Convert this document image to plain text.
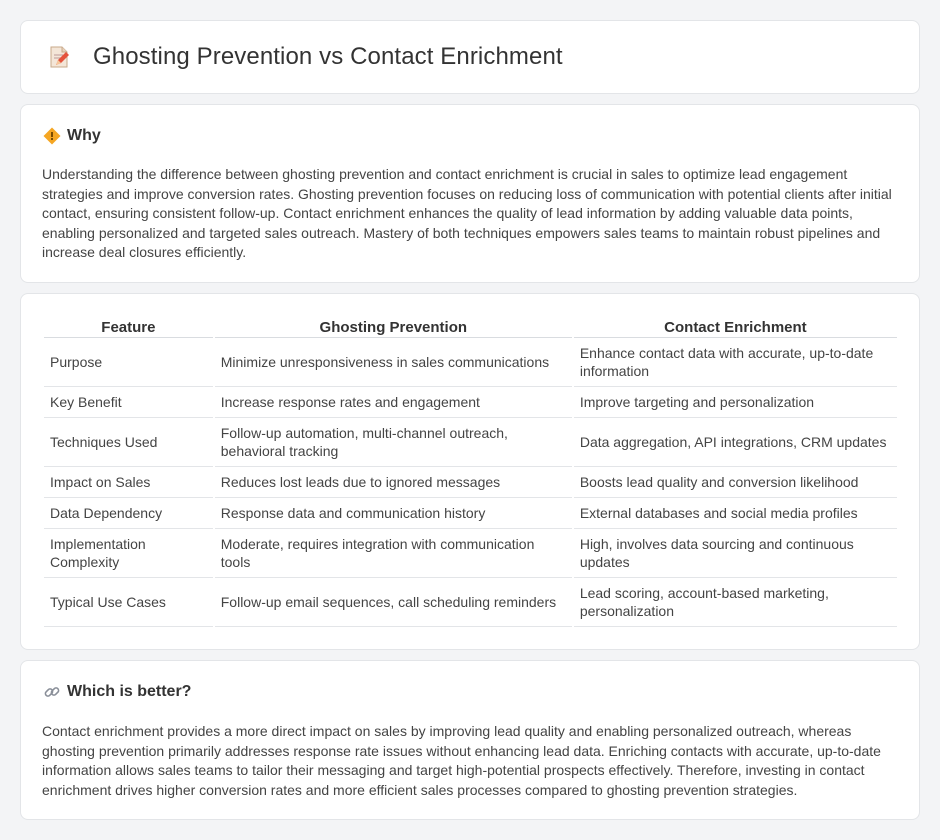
Ghosting Prevention vs Contact Enrichment
Why

Understanding the difference between ghosting prevention and contact enrichment is crucial in sales to optimize lead engagement strategies and improve conversion rates. Ghosting prevention focuses on reducing loss of communication with potential clients after initial contact, ensuring consistent follow-up. Contact enrichment enhances the quality of lead information by adding valuable data points, enabling personalized and targeted sales outreach. Mastery of both techniques empowers sales teams to maintain robust pipelines and increase deal closures efficiently.

Feature	Ghosting Prevention	Contact Enrichment
Purpose	Minimize unresponsiveness in sales communications	Enhance contact data with accurate, up-to-date information
Key Benefit	Increase response rates and engagement	Improve targeting and personalization
Techniques Used	Follow-up automation, multi-channel outreach, behavioral tracking	Data aggregation, API integrations, CRM updates
Impact on Sales	Reduces lost leads due to ignored messages	Boosts lead quality and conversion likelihood
Data Dependency	Response data and communication history	External databases and social media profiles
Implementation Complexity	Moderate, requires integration with communication tools	High, involves data sourcing and continuous updates
Typical Use Cases	Follow-up email sequences, call scheduling reminders	Lead scoring, account-based marketing, personalization
Which is better?

Contact enrichment provides a more direct impact on sales by improving lead quality and enabling personalized outreach, whereas ghosting prevention primarily addresses response rate issues without enhancing lead data. Enriching contacts with accurate, up-to-date information allows sales teams to tailor their messaging and target high-potential prospects effectively. Therefore, investing in contact enrichment drives higher conversion rates and more efficient sales processes compared to ghosting prevention strategies.
